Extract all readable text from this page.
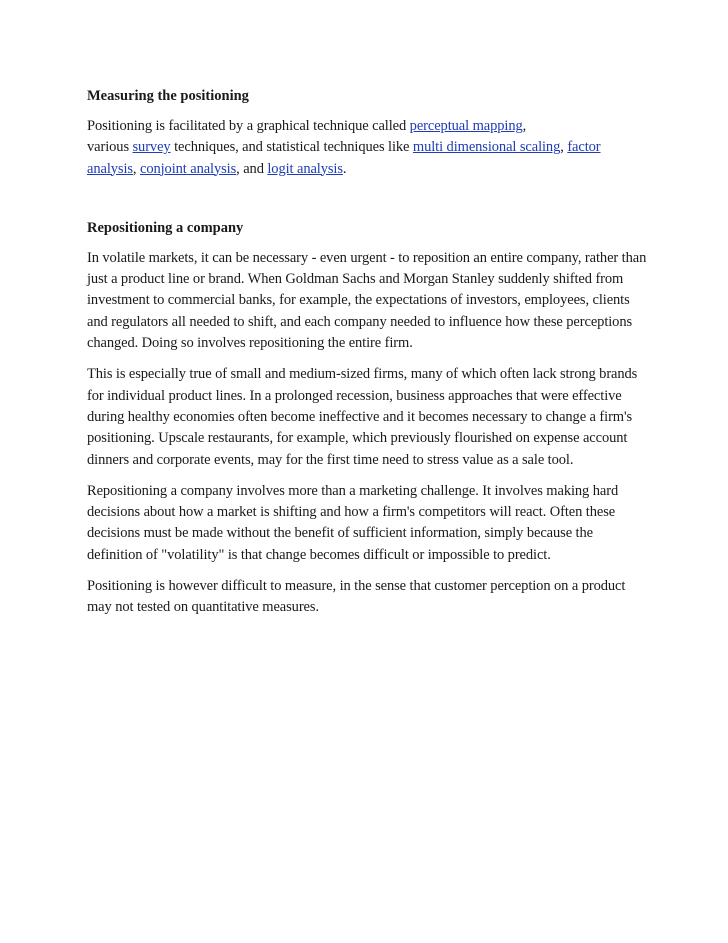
Measuring the positioning
Positioning is facilitated by a graphical technique called perceptual mapping,
various survey techniques, and statistical techniques like multi dimensional scaling, factor analysis, conjoint analysis, and logit analysis.
Repositioning a company
In volatile markets, it can be necessary - even urgent - to reposition an entire company, rather than just a product line or brand. When Goldman Sachs and Morgan Stanley suddenly shifted from investment to commercial banks, for example, the expectations of investors, employees, clients and regulators all needed to shift, and each company needed to influence how these perceptions changed. Doing so involves repositioning the entire firm.
This is especially true of small and medium-sized firms, many of which often lack strong brands for individual product lines. In a prolonged recession, business approaches that were effective during healthy economies often become ineffective and it becomes necessary to change a firm's positioning. Upscale restaurants, for example, which previously flourished on expense account dinners and corporate events, may for the first time need to stress value as a sale tool.
Repositioning a company involves more than a marketing challenge. It involves making hard decisions about how a market is shifting and how a firm's competitors will react. Often these decisions must be made without the benefit of sufficient information, simply because the definition of "volatility" is that change becomes difficult or impossible to predict.
Positioning is however difficult to measure, in the sense that customer perception on a product may not tested on quantitative measures.
